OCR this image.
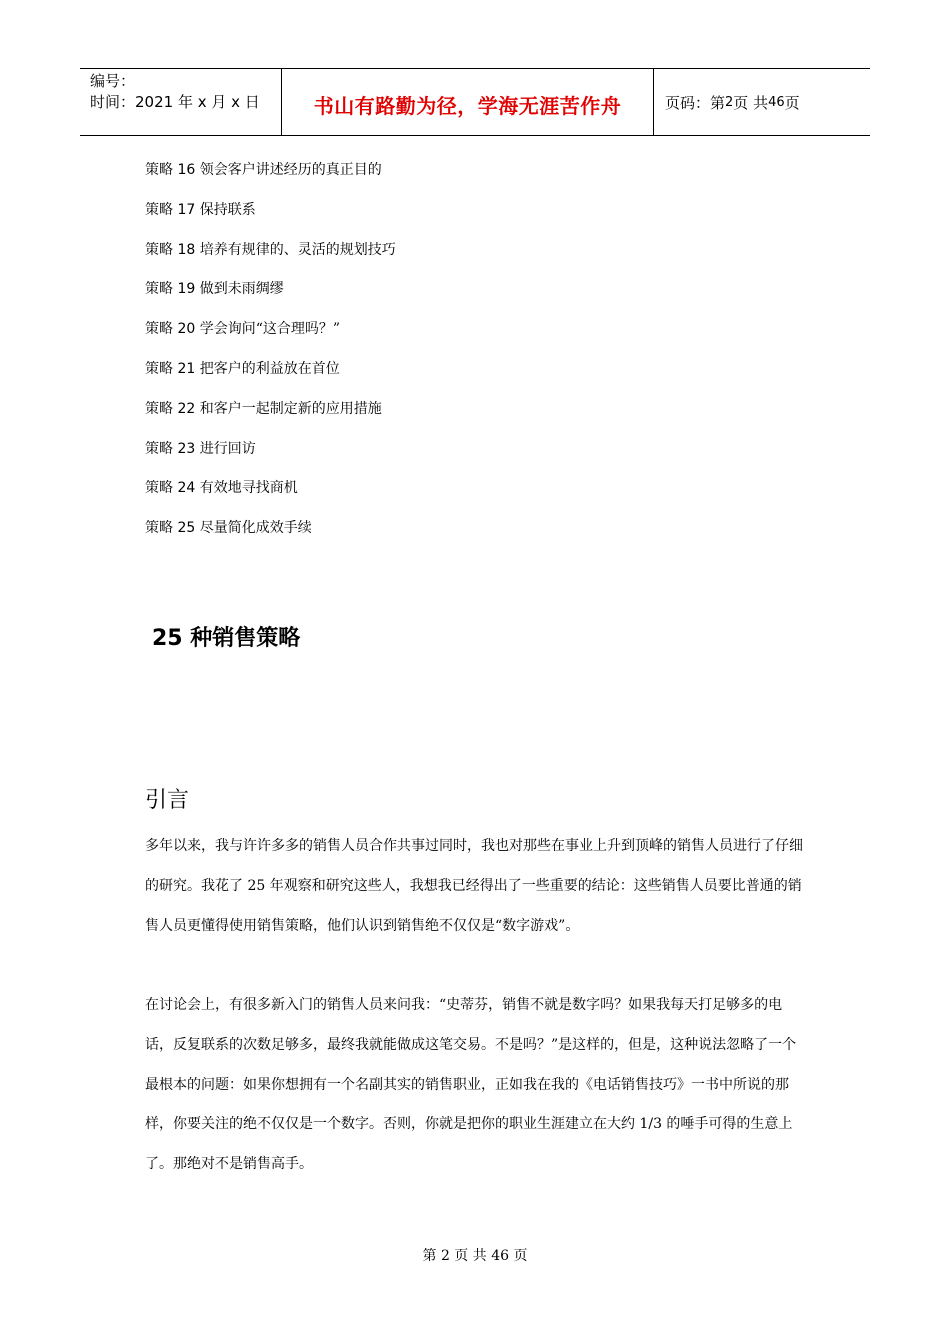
编号：
时间：2021 年 x 月 x 日	书山有路勤为径，学海无涯苦作舟	页码：第 2 页 共 46 页
策略 16 领会客户讲述经历的真正目的
策略 17 保持联系
策略 18 培养有规律的、灵活的规划技巧
策略 19 做到未雨绸缪
策略 20 学会询问“这合理吗？”
策略 21 把客户的利益放在首位
策略 22 和客户一起制定新的应用措施
策略 23 进行回访
策略 24 有效地寻找商机
策略 25 尽量简化成效手续
25 种销售策略
引言
多年以来，我与许许多多的销售人员合作共事过同时，我也对那些在事业上升到顶峰的销售人员进行了仔细的研究。我花了 25 年观察和研究这些人，我想我已经得出了一些重要的结论：这些销售人员要比普通的销售人员更懂得使用销售策略，他们认识到销售绝不仅仅是“数字游戏”。
在讨论会上，有很多新入门的销售人员来问我：“史蒂芬，销售不就是数字吗？如果我每天打足够多的电话，反复联系的次数足够多，最终我就能做成这笔交易。不是吗？”是这样的，但是，这种说法忽略了一个最根本的问题：如果你想拥有一个名副其实的销售职业，正如我在我的《电话销售技巧》一书中所说的那样，你要关注的绝不仅仅是一个数字。否则，你就是把你的职业生涯建立在大约 1/3 的唾手可得的生意上了。那绝对不是销售高手。
第 2 页 共 46 页
